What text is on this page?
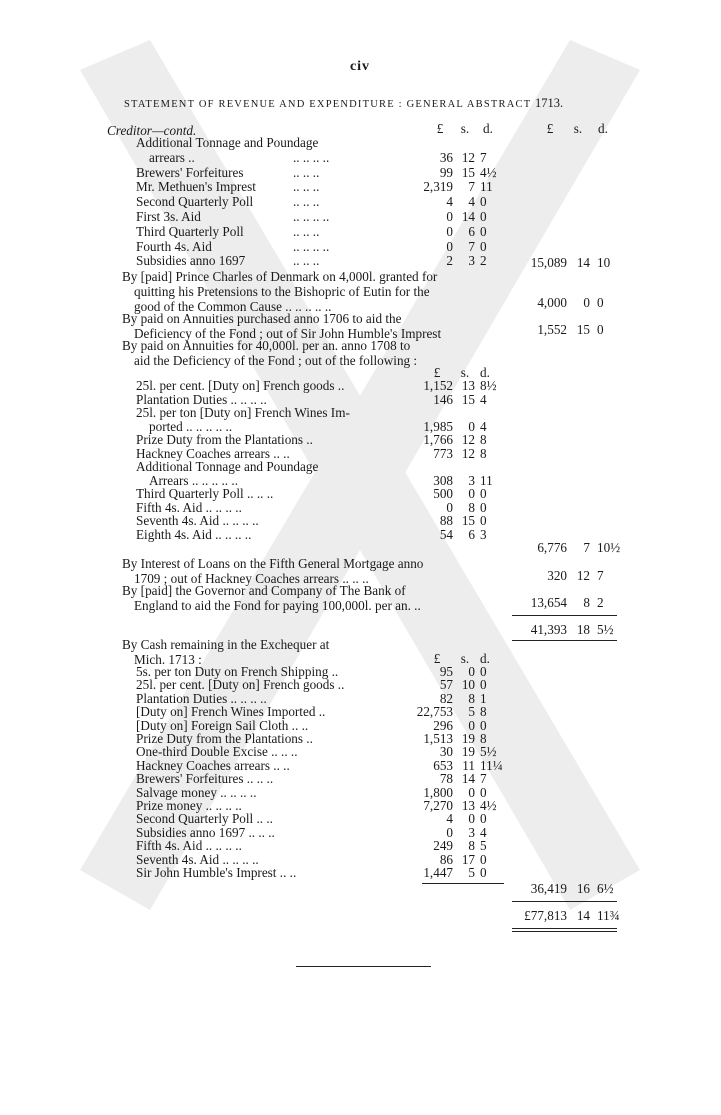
civ
STATEMENT OF REVENUE AND EXPENDITURE : GENERAL ABSTRACT 1713.
Creditor—contd.	£	s.	d.	£	s.	d.
Additional Tonnage and Poundage
arrears ..	.. .. .. ..	36 12 7
Brewers' Forfeitures	.. .. ..	99 15 4½
Mr. Methuen's Imprest	.. .. ..	2,319	7 11
Second Quarterly Poll	.. .. ..	4	4 0
First 3s. Aid	.. .. .. ..	0 14 0
Third Quarterly Poll	.. .. ..	0	6 0
Fourth 4s. Aid	.. .. .. ..	0	7 0
Subsidies anno 1697	.. .. ..	2	3 2	15,089 14 10
By [paid] Prince Charles of Denmark on 4,000l. granted for
quitting his Pretensions to the Bishopric of Eutin for the
good of the Common Cause .. .. .. .. ..	4,000	0 0
By paid on Annuities purchased anno 1706 to aid the
Deficiency of the Fond ; out of Sir John Humble's Imprest	1,552 15 0
By paid on Annuities for 40,000l. per an. anno 1708 to
aid the Deficiency of the Fond ; out of the following :
£	s. d.
25l. per cent. [Duty on] French goods ..	1,152 13 8½
Plantation Duties .. .. .. ..	146 15 4
25l. per ton [Duty on] French Wines Im-
ported .. .. .. .. ..	1,985	0 4
Prize Duty from the Plantations ..	1,766 12 8
Hackney Coaches arrears .. ..	773 12 8
Additional Tonnage and Poundage
Arrears .. .. .. .. ..	308	3 11
Third Quarterly Poll .. .. ..	500	0 0
Fifth 4s. Aid .. .. .. ..	0	8 0
Seventh 4s. Aid .. .. .. ..	88 15 0
Eighth 4s. Aid .. .. .. ..	54	6 3
6,776	7 10½
By Interest of Loans on the Fifth General Mortgage anno
1709 ; out of Hackney Coaches arrears .. .. ..	320 12 7
By [paid] the Governor and Company of The Bank of
England to aid the Fond for paying 100,000l. per an. ..	13,654	8 2
41,393 18 5½
By Cash remaining in the Exchequer at
Mich. 1713 :	£	s. d.
5s. per ton Duty on French Shipping ..	95	0 0
25l. per cent. [Duty on] French goods ..	57 10 0
Plantation Duties .. .. .. ..	82	8 1
[Duty on] French Wines Imported ..	22,753	5 8
[Duty on] Foreign Sail Cloth .. ..	296	0 0
Prize Duty from the Plantations ..	1,513 19 8
One-third Double Excise .. .. ..	30 19 5½
Hackney Coaches arrears .. ..	653 11 11¼
Brewers' Forfeitures .. .. ..	78 14 7
Salvage money .. .. .. ..	1,800	0 0
Prize money .. .. .. ..	7,270 13 4½
Second Quarterly Poll .. ..	4	0 0
Subsidies anno 1697 .. .. ..	0	3 4
Fifth 4s. Aid .. .. .. ..	249	8 5
Seventh 4s. Aid .. .. .. ..	86 17 0
Sir John Humble's Imprest .. ..	1,447	5 0
36,419 16 6½
£77,813 14 11¾
